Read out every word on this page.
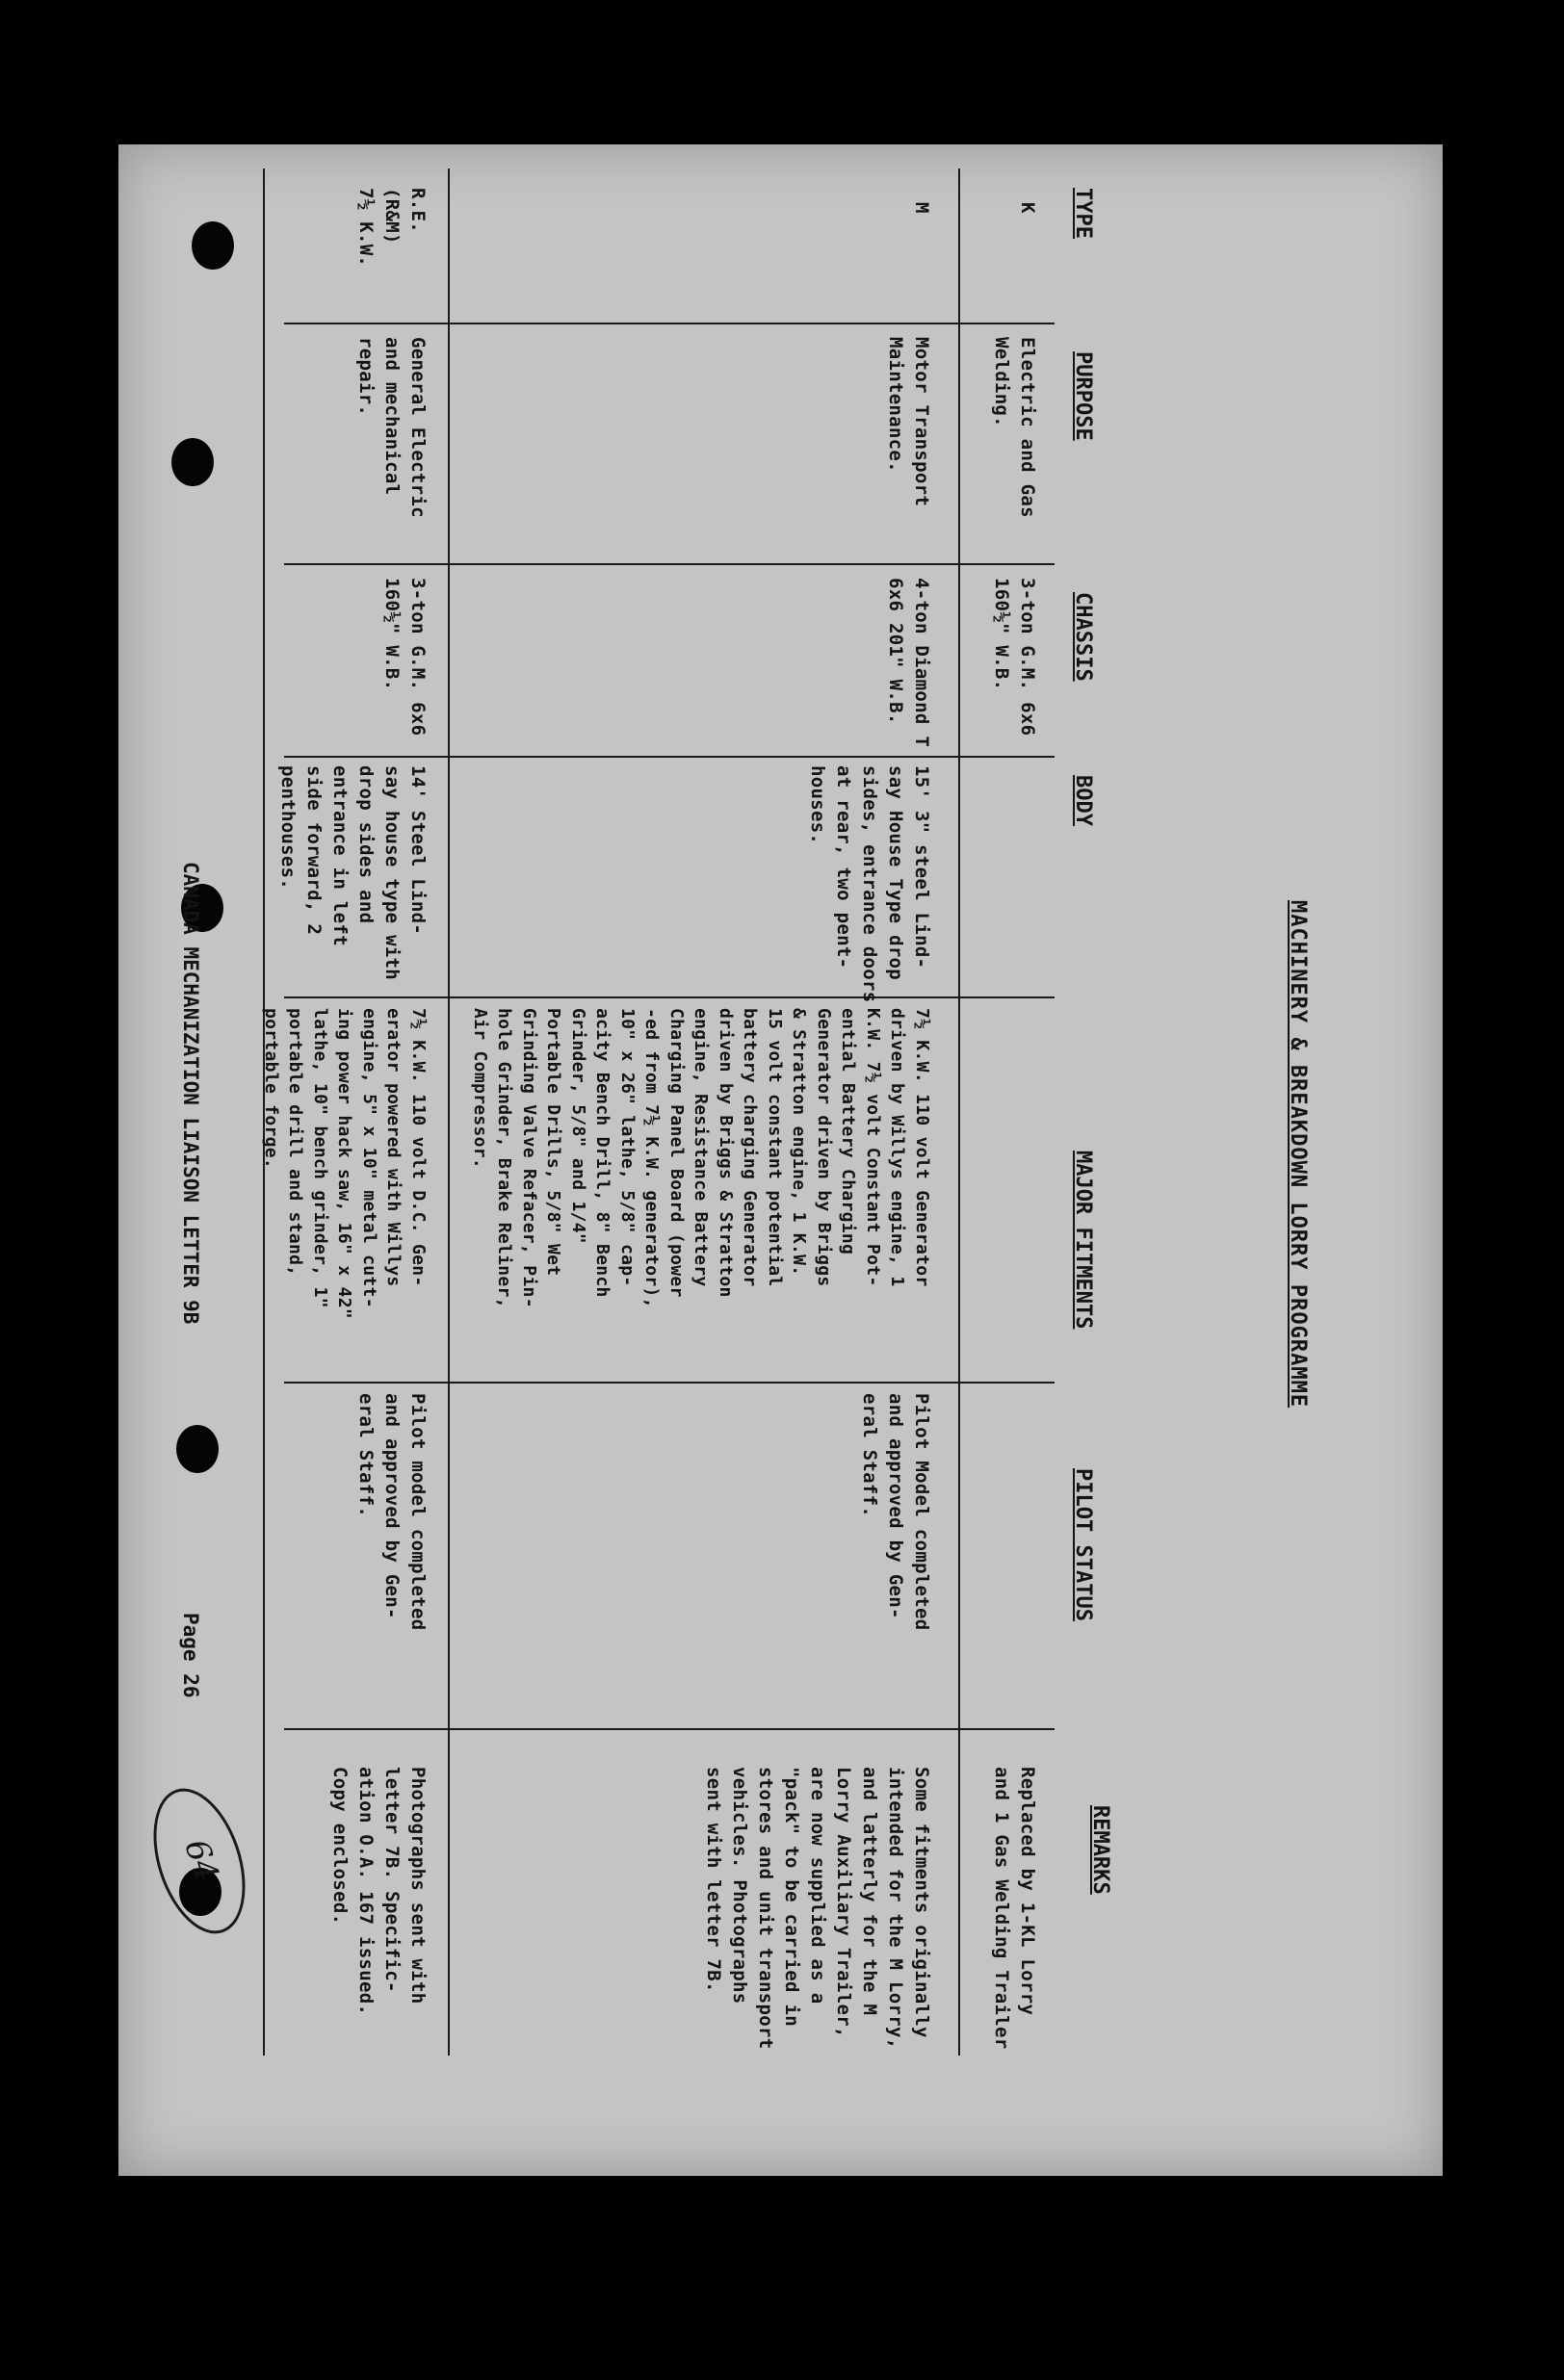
MACHINERY & BREAKDOWN LORRY PROGRAMME
TYPE
PURPOSE
CHASSIS
BODY
MAJOR FITMENTS
PILOT STATUS
REMARKS
K
Electric and Gas
Welding.
3-ton G.M. 6x6
160½" W.B.
Replaced by 1-KL Lorry
and 1 Gas Welding Trailer
M
Motor Transport
Maintenance.
4-ton Diamond T
6x6 201" W.B.
15' 3" steel Lind-
say House Type drop
sides, entrance doors
at rear, two pent-
houses.
7½ K.W. 110 volt Generator
driven by Willys engine, 1
K.W. 7½ volt Constant Pot-
ential Battery Charging
Generator driven by Briggs
& Stratton engine, 1 K.W.
15 volt constant potential
battery charging Generator
driven by Briggs & Stratton
engine, Resistance Battery
Charging Panel Board (power
-ed from 7½ K.W. generator),
10" x 26" lathe, 5/8" cap-
acity Bench Drill, 8" Bench
Grinder, 5/8" and 1/4"
Portable Drills, 5/8" Wet
Grinding Valve Refacer, Pin-
hole Grinder, Brake Reliner,
Air Compressor.
Pilot Model completed
and approved by Gen-
eral Staff.
Some fitments originally
intended for the M Lorry,
and latterly for the M
Lorry Auxiliary Trailer,
are now supplied as a
"pack" to be carried in
stores and unit transport
vehicles. Photographs
sent with letter 7B.
R.E.
(R&M)
7½ K.W.
General Electric
and mechanical
repair.
3-ton G.M. 6x6
160½" W.B.
14' Steel Lind-
say house type with
drop sides and
entrance in left
side forward, 2
penthouses.
7½ K.W. 110 volt D.C. Gen-
erator powered with Willys
engine, 5" x 10" metal cutt-
ing power hack saw, 16" x 42"
lathe, 10" bench grinder, 1"
portable drill and stand,
portable forge.
Pilot model completed
and approved by Gen-
eral Staff.
Photographs sent with
letter 7B. Specific-
ation O.A. 167 issued.
Copy enclosed.
CANADA MECHANIZATION LIAISON LETTER 9B
Page 26
64
